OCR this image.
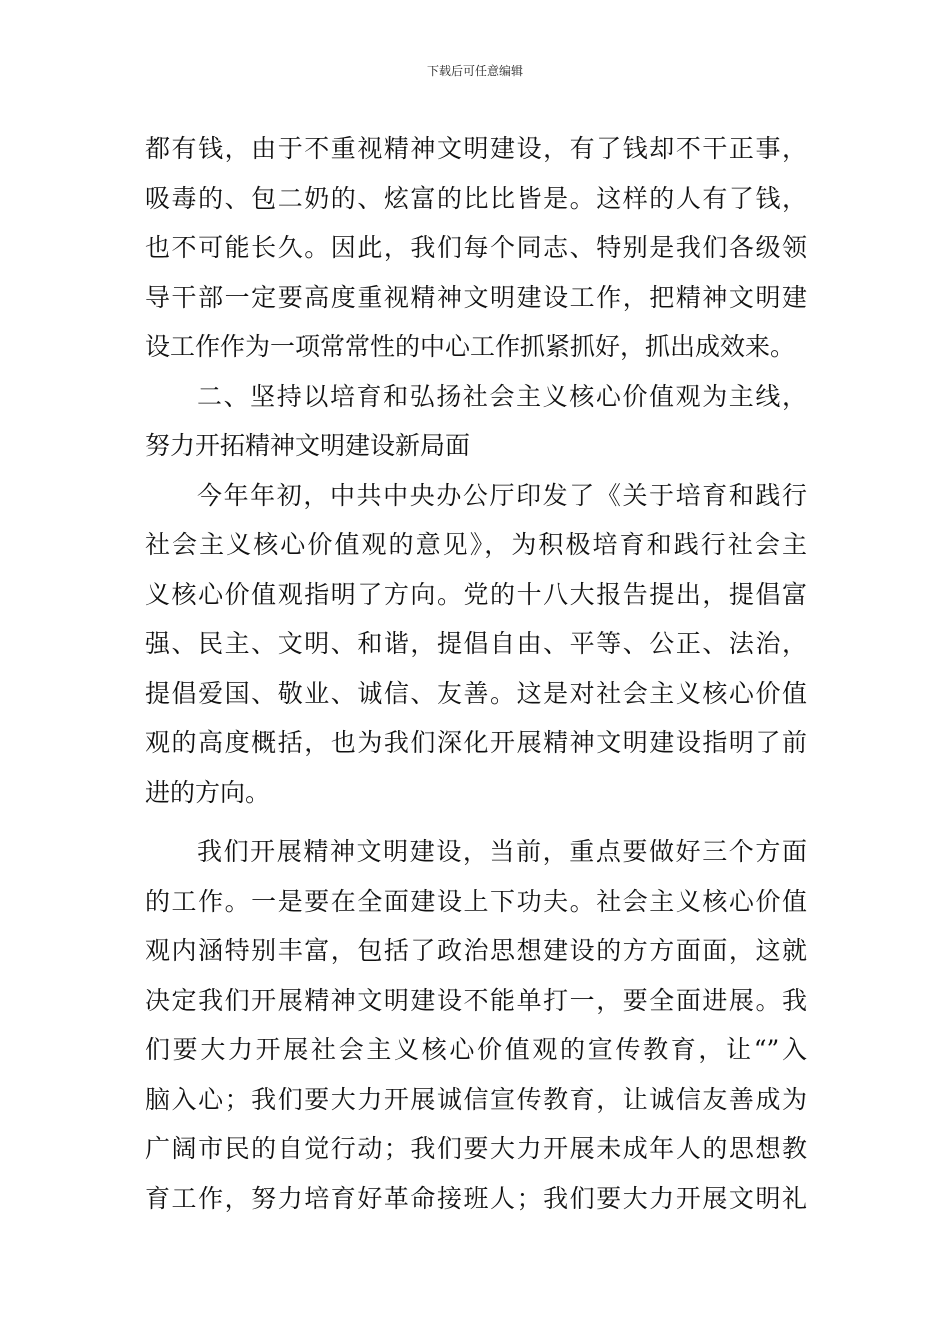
下载后可任意编辑
都有钱，由于不重视精神文明建设，有了钱却不干正事，
吸毒的、包二奶的、炫富的比比皆是。这样的人有了钱，
也不可能长久。因此，我们每个同志、特别是我们各级领
导干部一定要高度重视精神文明建设工作，把精神文明建
设工作作为一项常常性的中心工作抓紧抓好，抓出成效来。
二、坚持以培育和弘扬社会主义核心价值观为主线，
努力开拓精神文明建设新局面
今年年初，中共中央办公厅印发了《关于培育和践行
社会主义核心价值观的意见》，为积极培育和践行社会主
义核心价值观指明了方向。党的十八大报告提出，提倡富
强、民主、文明、和谐，提倡自由、平等、公正、法治，
提倡爱国、敬业、诚信、友善。这是对社会主义核心价值
观的高度概括，也为我们深化开展精神文明建设指明了前
进的方向。
我们开展精神文明建设，当前，重点要做好三个方面
的工作。一是要在全面建设上下功夫。社会主义核心价值
观内涵特别丰富，包括了政治思想建设的方方面面，这就
决定我们开展精神文明建设不能单打一，要全面进展。我
们要大力开展社会主义核心价值观的宣传教育，让“”入
脑入心；我们要大力开展诚信宣传教育，让诚信友善成为
广阔市民的自觉行动；我们要大力开展未成年人的思想教
育工作，努力培育好革命接班人；我们要大力开展文明礼
